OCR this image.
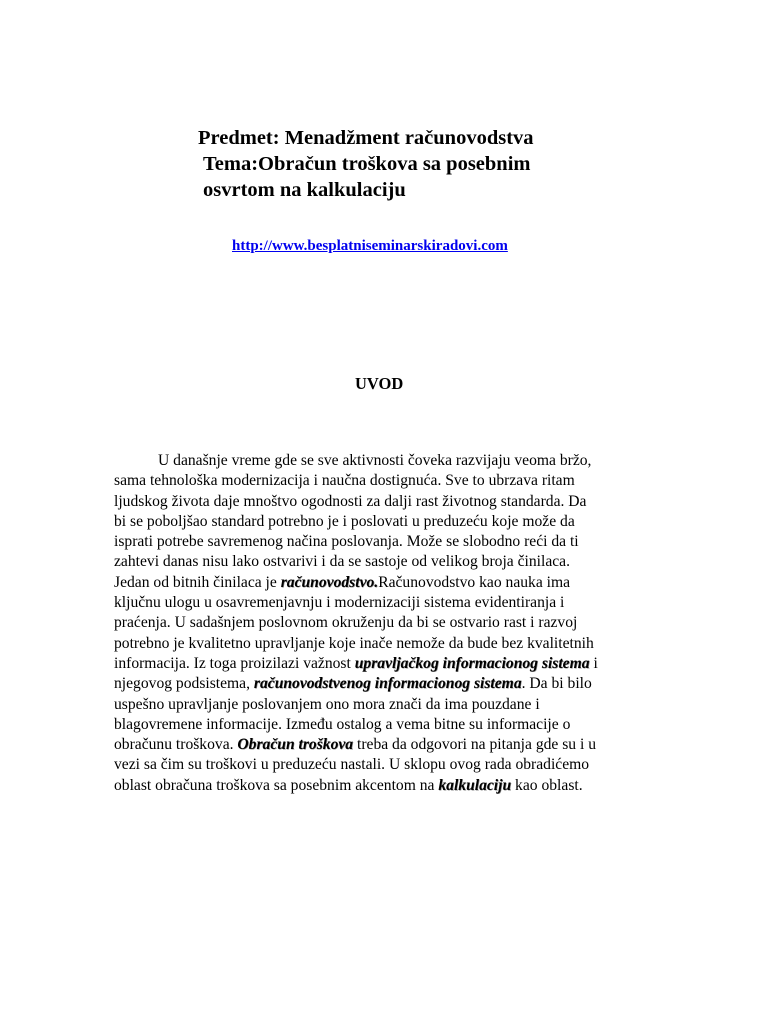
Predmet: Menadžment računovodstva
Tema:Obračun troškova sa posebnim
osvrtom na kalkulaciju
http://www.besplatniseminarskiradovi.com
UVOD
U današnje vreme gde se sve aktivnosti čoveka razvijaju veoma bržo,
sama tehnološka modernizacija i naučna dostignuća. Sve to ubrzava ritam
ljudskog života daje mnoštvo ogodnosti za dalji rast životnog standarda. Da
bi se poboljšao standard potrebno je i poslovati u preduzeću koje može da
isprati potrebe savremenog načina poslovanja. Može se slobodno reći da ti
zahtevi danas nisu lako ostvarivi i da se sastoje od velikog broja činilaca.
Jedan od bitnih činilaca je računovodstvo.Računovodstvo kao nauka ima
ključnu ulogu u osavremenjavnju i modernizaciji sistema evidentiranja i
praćenja. U sadašnjem poslovnom okruženju da bi se ostvario rast i razvoj
potrebno je kvalitetno upravljanje koje inače nemože da bude bez kvalitetnih
informacija. Iz toga proizilazi važnost upravljačkog informacionog sistema i
njegovog podsistema, računovodstvenog informacionog sistema. Da bi bilo
uspešno upravljanje poslovanjem ono mora znači da ima pouzdane i
blagovremene informacije. Između ostalog a vema bitne su informacije o
obračunu troškova. Obračun troškova treba da odgovori na pitanja gde su i u
vezi sa čim su troškovi u preduzeću nastali. U sklopu ovog rada obradićemo
oblast obračuna troškova sa posebnim akcentom na kalkulaciju kao oblast.
